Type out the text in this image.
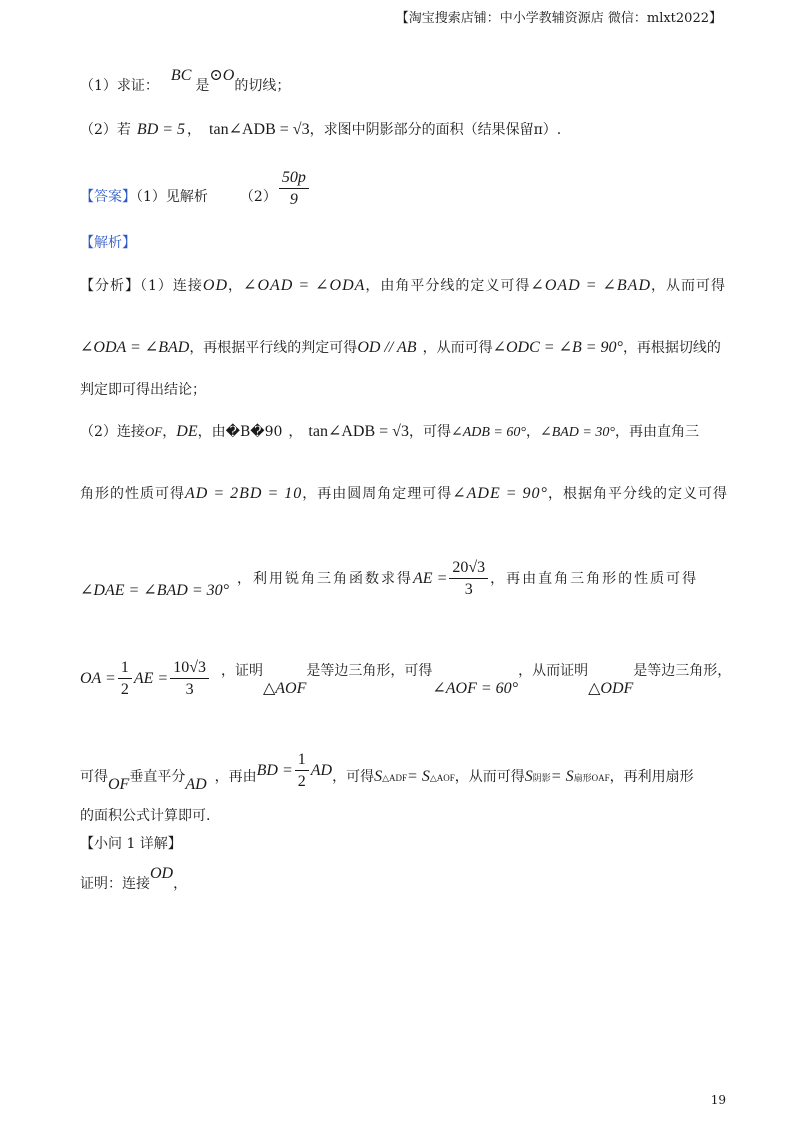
【淘宝搜索店铺：中小学教辅资源店 微信：mlxt2022】
（1）求证：BC是⊙O的切线；
（2）若 BD = 5 ， tan∠ADB = √3，求图中阴影部分的面积（结果保留π）.
【答案】（1）见解析 $(2) \frac{50p}{9}$
【解析】
【分析】（1）连接OD，∠OAD = ∠ODA，由角平分线的定义可得∠OAD = ∠BAD，从而可得
∠ODA = ∠BAD，再根据平行线的判定可得OD // AB ，从而可得∠ODC = ∠B = 90°，再根据切线的
判定即可得出结论；
（2）连接OF，DE，由�B�90 ， tan∠ADB = √3，可得∠ADB = 60°，∠BAD = 30°，再由直角三
角形的性质可得AD = 2BD = 10，再由圆周角定理可得∠ADE = 90°，根据角平分线的定义可得
∠DAE = ∠BAD = 30°，利用锐角三角函数求得AE = $\frac{20√3}{3}$ ，再由直角三角形的性质可得
OA = $\frac{1}{2}$ AE = $\frac{10√3}{3}$ ，证明△AOF是等边三角形，可得∠AOF = 60°，从而证明△ODF是等边三角形，
可得OF垂直平分AD ，再由BD = $\frac{1}{2}$ AD，可得S△ADF= S△AOF，从而可得S阴影= S扇形OAF，再利用扇形
的面积公式计算即可.
【小问 1 详解】
证明：连接OD，
19
